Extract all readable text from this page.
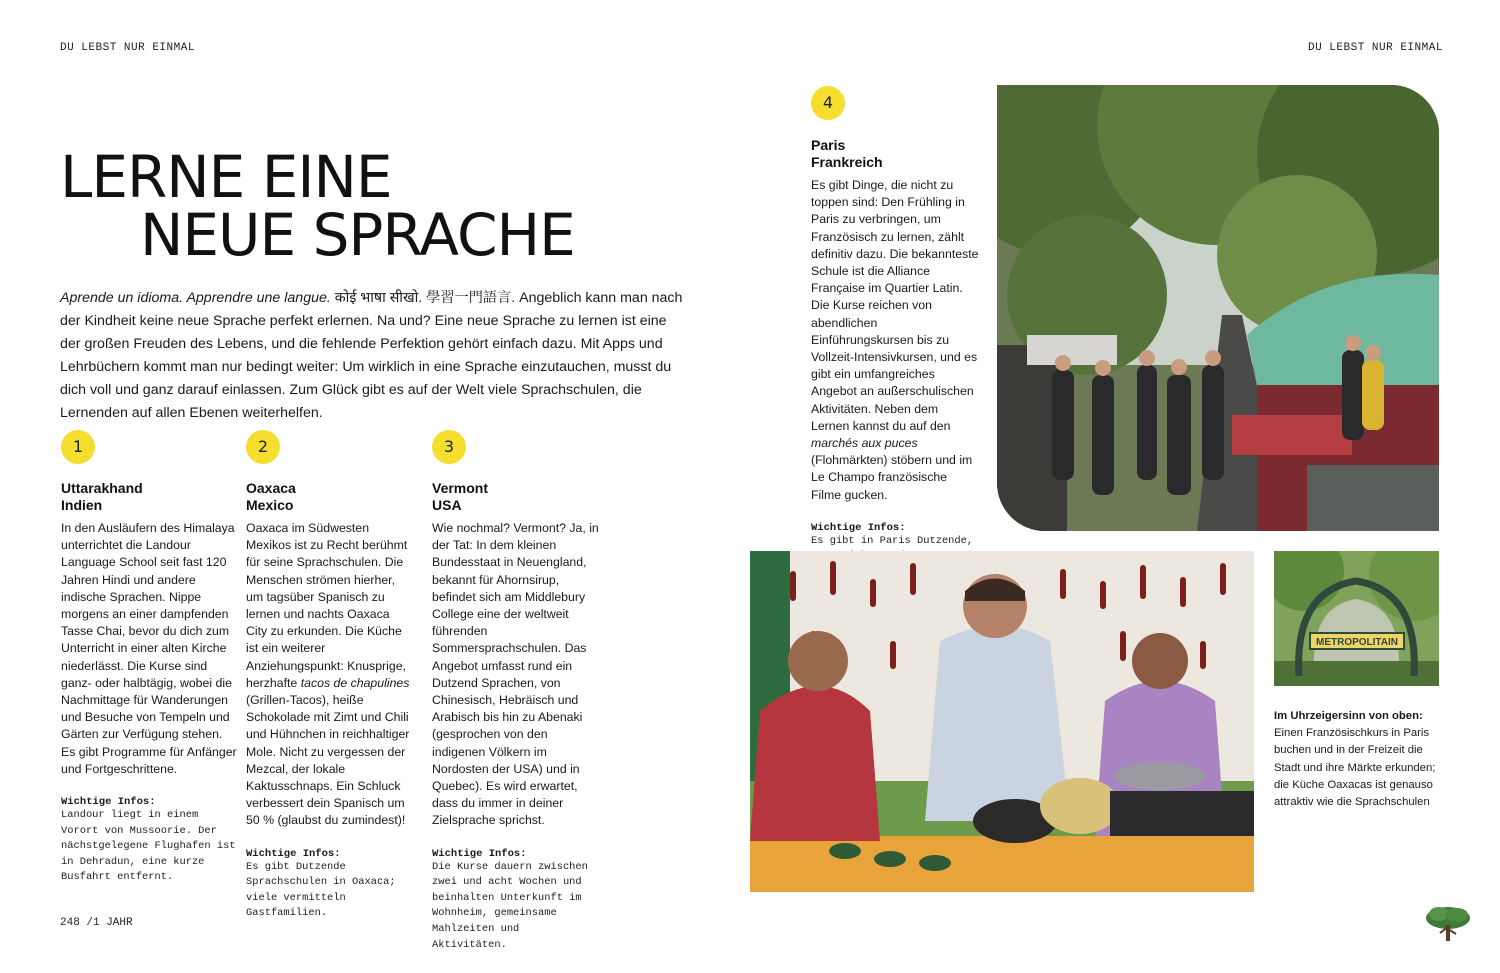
DU LEBST NUR EINMAL	DU LEBST NUR EINMAL
LERNE EINE
NEUE SPRACHE
Aprende un idioma. Apprendre une langue. कोई भाषा सीखो. 學習一門語言. Angeblich kann man nach der Kindheit keine neue Sprache perfekt erlernen. Na und? Eine neue Sprache zu lernen ist eine der großen Freuden des Lebens, und die fehlende Perfektion gehört einfach dazu. Mit Apps und Lehrbüchern kommt man nur bedingt weiter: Um wirklich in eine Sprache einzutauchen, musst du dich voll und ganz darauf einlassen. Zum Glück gibt es auf der Welt viele Sprachschulen, die Lernenden auf allen Ebenen weiterhelfen.
1
Uttarakhand
Indien

In den Ausläufern des Himalaya unterrichtet die Landour Language School seit fast 120 Jahren Hindi und andere indische Sprachen. Nippe morgens an einer dampfenden Tasse Chai, bevor du dich zum Unterricht in einer alten Kirche niederlässt. Die Kurse sind ganz- oder halbtägig, wobei die Nachmittage für Wanderungen und Besuche von Tempeln und Gärten zur Verfügung stehen. Es gibt Programme für Anfänger und Fortgeschrittene.

Wichtige Infos:
Landour liegt in einem Vorort von Mussoorie. Der nächstgelegene Flughafen ist in Dehradun, eine kurze Busfahrt entfernt.
2
Oaxaca
Mexico

Oaxaca im Südwesten Mexikos ist zu Recht berühmt für seine Sprachschulen. Die Menschen strömen hierher, um tagsüber Spanisch zu lernen und nachts Oaxaca City zu erkunden. Die Küche ist ein weiterer Anziehungspunkt: Knusprige, herzhafte tacos de chapulines (Grillen-Tacos), heiße Schokolade mit Zimt und Chili und Hühnchen in reichhaltiger Mole. Nicht zu vergessen der Mezcal, der lokale Kaktusschnaps. Ein Schluck verbessert dein Spanisch um 50 % (glaubst du zumindest)!

Wichtige Infos:
Es gibt Dutzende Sprachschulen in Oaxaca; viele vermitteln Gastfamilien.
3
Vermont
USA

Wie nochmal? Vermont? Ja, in der Tat: In dem kleinen Bundesstaat in Neuengland, bekannt für Ahornsirup, befindet sich am Middlebury College eine der weltweit führenden Sommersprachschulen. Das Angebot umfasst rund ein Dutzend Sprachen, von Chinesisch, Hebräisch und Arabisch bis hin zu Abenaki (gesprochen von den indigenen Völkern im Nordosten der USA) und in Quebec). Es wird erwartet, dass du immer in deiner Zielsprache sprichst.

Wichtige Infos:
Die Kurse dauern zwischen zwei und acht Wochen und beinhalten Unterkunft im Wohnheim, gemeinsame Mahlzeiten und Aktivitäten.
4
Paris
Frankreich

Es gibt Dinge, die nicht zu toppen sind: Den Frühling in Paris zu verbringen, um Französisch zu lernen, zählt definitiv dazu. Die bekannteste Schule ist die Alliance Française im Quartier Latin. Die Kurse reichen von abendlichen Einführungskursen bis zu Vollzeit-Intensivkursen, und es gibt ein umfangreiches Angebot an außerschulischen Aktivitäten. Neben dem Lernen kannst du auf den marchés aux puces (Flohmärkten) stöbern und im Le Champo französische Filme gucken.

Wichtige Infos:
Es gibt in Paris Dutzende,
METROPOLITAIN
Im Uhrzeigersinn von oben: Einen Französischkurs in Paris buchen und in der Freizeit die Stadt und ihre Märkte erkunden; die Küche Oaxacas ist genauso attraktiv wie die Sprachschulen
248 /1 JAHR
